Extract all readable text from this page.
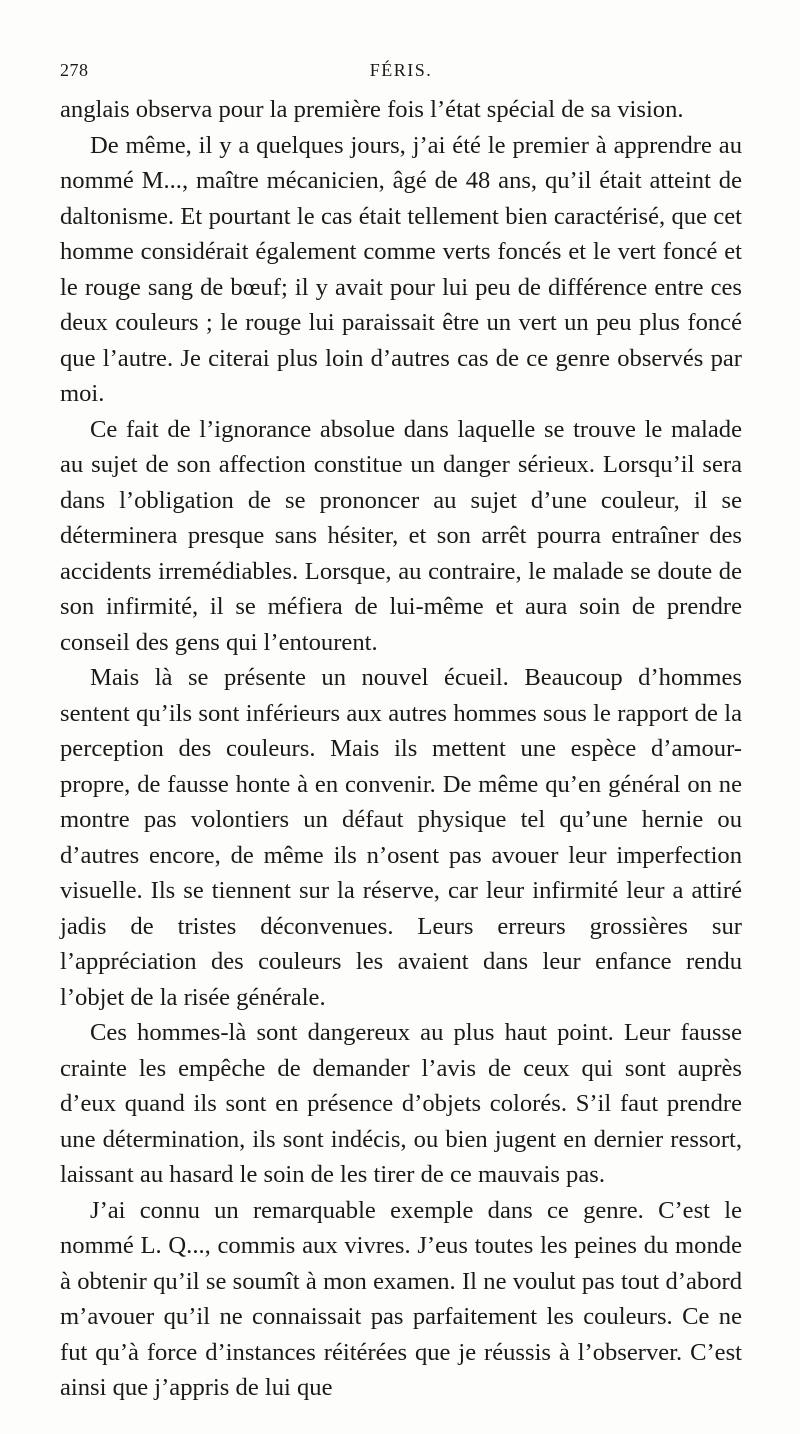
278	FÉRIS.

anglais observa pour la première fois l’état spécial de sa vision.

De même, il y a quelques jours, j’ai été le premier à apprendre au nommé M..., maître mécanicien, âgé de 48 ans, qu’il était atteint de daltonisme. Et pourtant le cas était tellement bien caractérisé, que cet homme considérait également comme verts foncés et le vert foncé et le rouge sang de bœuf; il y avait pour lui peu de différence entre ces deux couleurs ; le rouge lui paraissait être un vert un peu plus foncé que l’autre. Je citerai plus loin d’autres cas de ce genre observés par moi.

Ce fait de l’ignorance absolue dans laquelle se trouve le malade au sujet de son affection constitue un danger sérieux. Lorsqu’il sera dans l’obligation de se prononcer au sujet d’une couleur, il se déterminera presque sans hésiter, et son arrêt pourra entraîner des accidents irremédiables. Lorsque, au contraire, le malade se doute de son infirmité, il se méfiera de lui-même et aura soin de prendre conseil des gens qui l’entourent.

Mais là se présente un nouvel écueil. Beaucoup d’hommes sentent qu’ils sont inférieurs aux autres hommes sous le rapport de la perception des couleurs. Mais ils mettent une espèce d’amour-propre, de fausse honte à en convenir. De même qu’en général on ne montre pas volontiers un défaut physique tel qu’une hernie ou d’autres encore, de même ils n’osent pas avouer leur imperfection visuelle. Ils se tiennent sur la réserve, car leur infirmité leur a attiré jadis de tristes déconvenues. Leurs erreurs grossières sur l’appréciation des couleurs les avaient dans leur enfance rendu l’objet de la risée générale.

Ces hommes-là sont dangereux au plus haut point. Leur fausse crainte les empêche de demander l’avis de ceux qui sont auprès d’eux quand ils sont en présence d’objets colorés. S’il faut prendre une détermination, ils sont indécis, ou bien jugent en dernier ressort, laissant au hasard le soin de les tirer de ce mauvais pas.

J’ai connu un remarquable exemple dans ce genre. C’est le nommé L. Q..., commis aux vivres. J’eus toutes les peines du monde à obtenir qu’il se soumît à mon examen. Il ne voulut pas tout d’abord m’avouer qu’il ne connaissait pas parfaitement les couleurs. Ce ne fut qu’à force d’instances réitérées que je réussis à l’observer. C’est ainsi que j’appris de lui que
